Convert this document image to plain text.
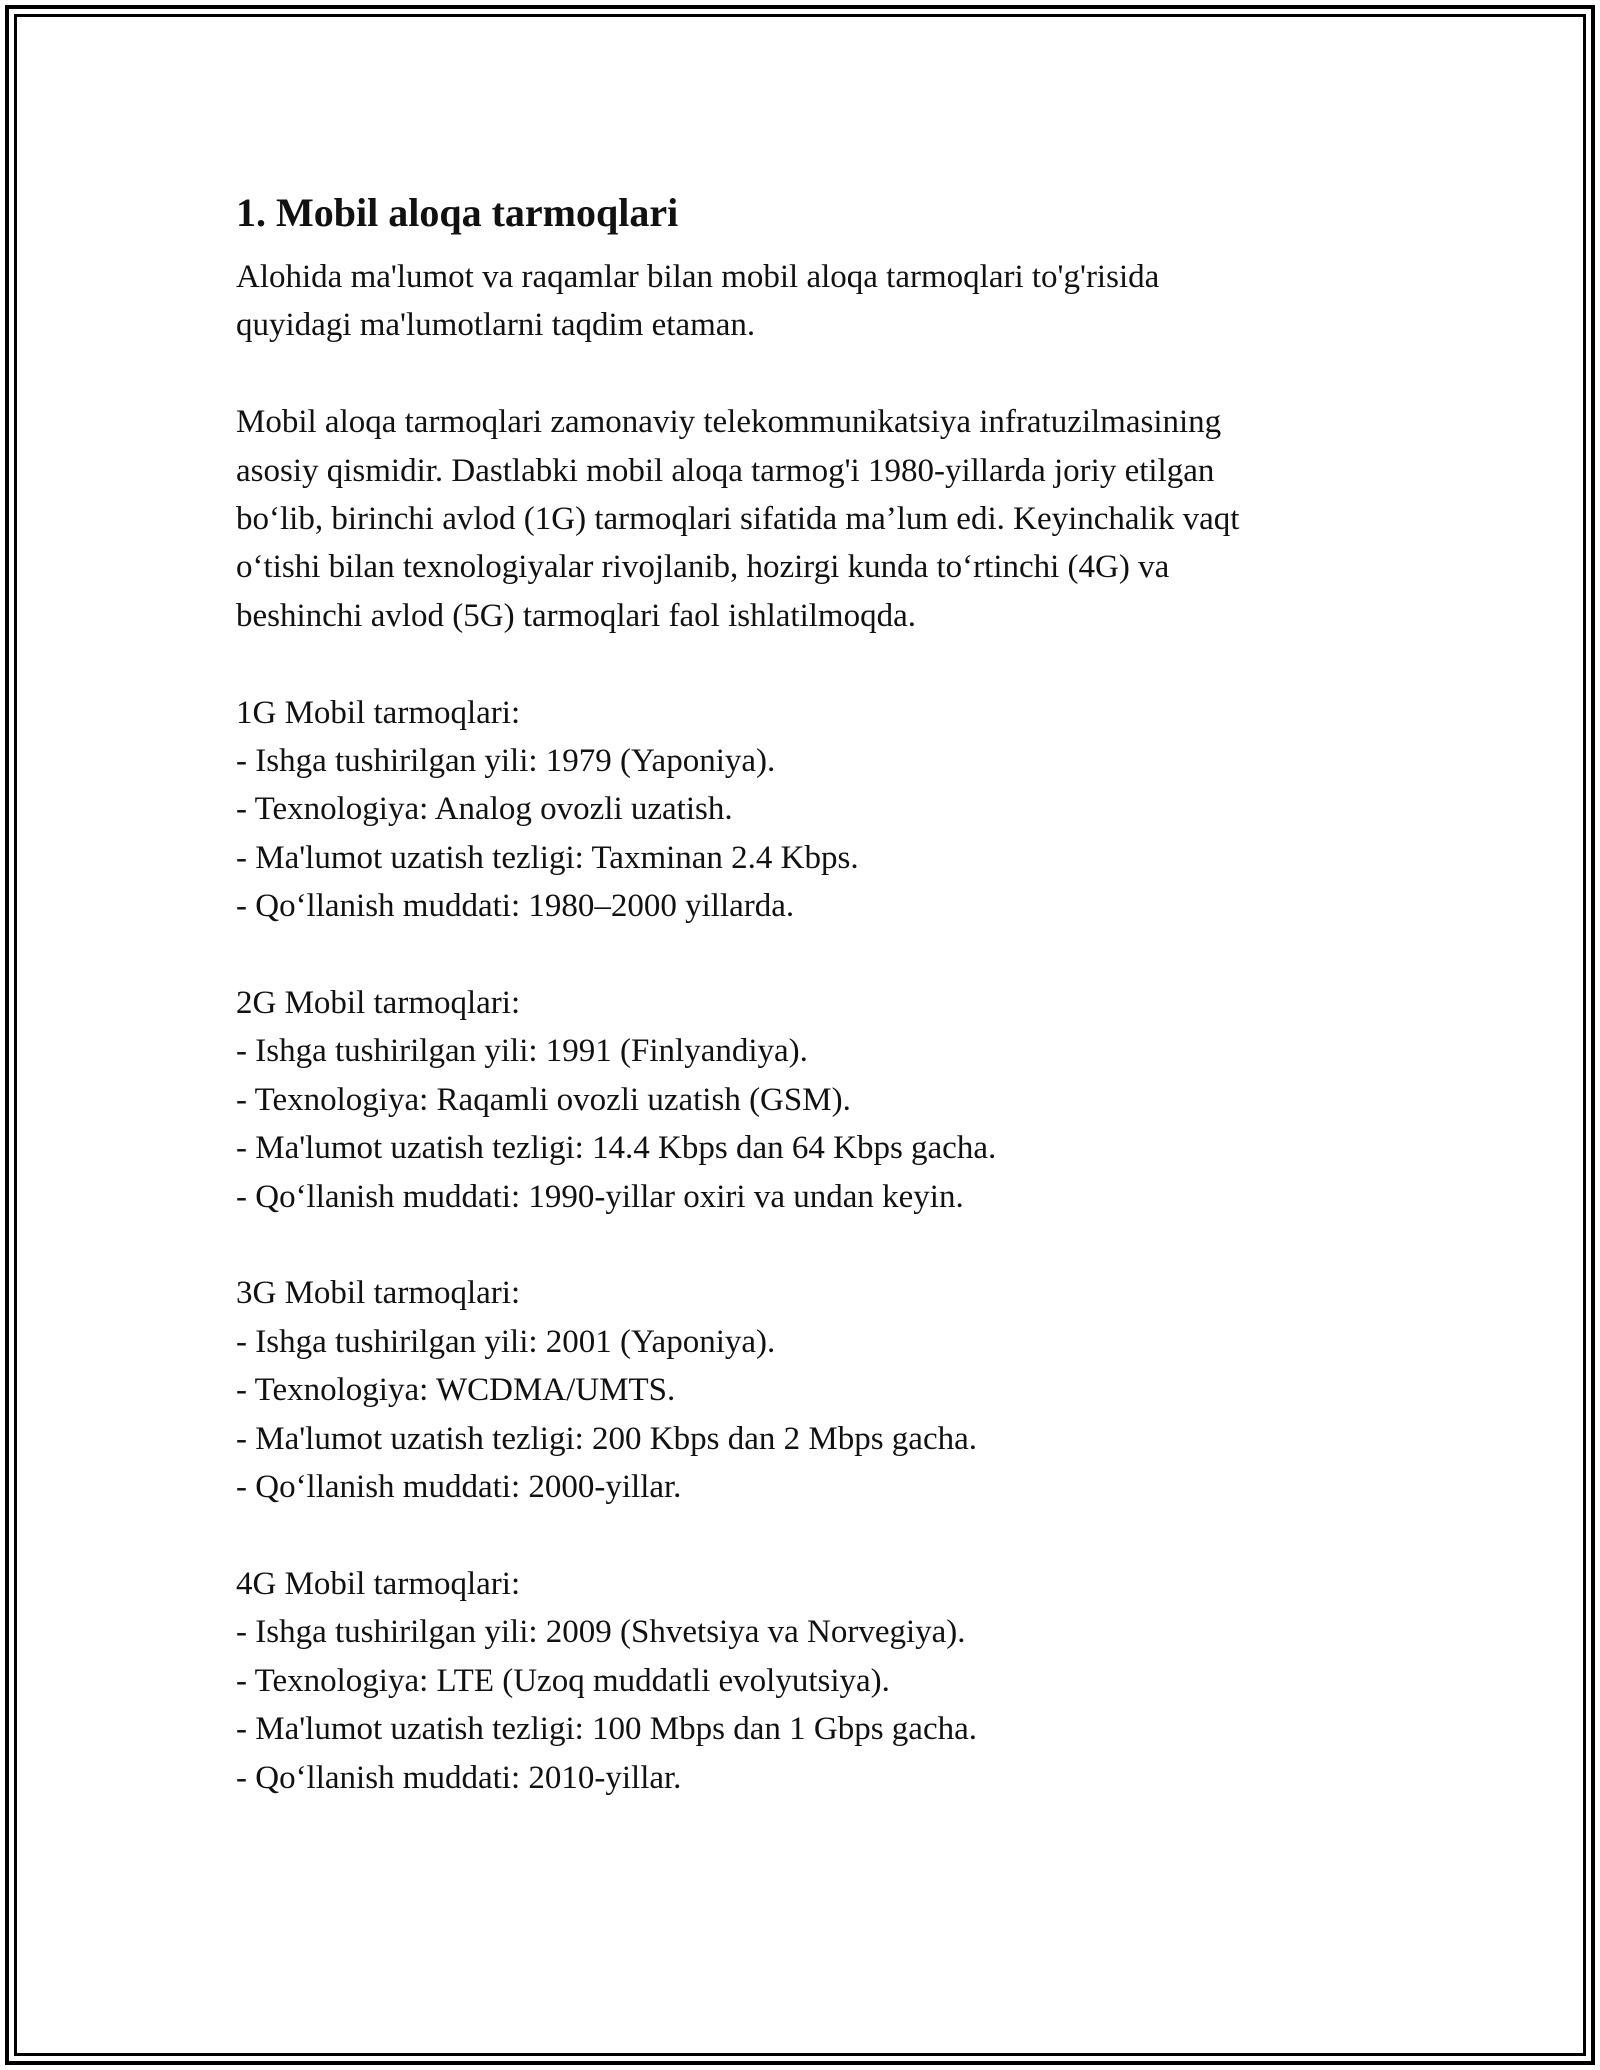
1. Mobil aloqa tarmoqlari
Alohida ma'lumot va raqamlar bilan mobil aloqa tarmoqlari to'g'risida
quyidagi ma'lumotlarni taqdim etaman.
Mobil aloqa tarmoqlari zamonaviy telekommunikatsiya infratuzilmasining
asosiy qismidir. Dastlabki mobil aloqa tarmog'i 1980-yillarda joriy etilgan
bo‘lib, birinchi avlod (1G) tarmoqlari sifatida ma’lum edi. Keyinchalik vaqt
o‘tishi bilan texnologiyalar rivojlanib, hozirgi kunda to‘rtinchi (4G) va
beshinchi avlod (5G) tarmoqlari faol ishlatilmoqda.
1G Mobil tarmoqlari:
- Ishga tushirilgan yili: 1979 (Yaponiya).
- Texnologiya: Analog ovozli uzatish.
- Ma'lumot uzatish tezligi: Taxminan 2.4 Kbps.
- Qo‘llanish muddati: 1980–2000 yillarda.
2G Mobil tarmoqlari:
- Ishga tushirilgan yili: 1991 (Finlyandiya).
- Texnologiya: Raqamli ovozli uzatish (GSM).
- Ma'lumot uzatish tezligi: 14.4 Kbps dan 64 Kbps gacha.
- Qo‘llanish muddati: 1990-yillar oxiri va undan keyin.
3G Mobil tarmoqlari:
- Ishga tushirilgan yili: 2001 (Yaponiya).
- Texnologiya: WCDMA/UMTS.
- Ma'lumot uzatish tezligi: 200 Kbps dan 2 Mbps gacha.
- Qo‘llanish muddati: 2000-yillar.
4G Mobil tarmoqlari:
- Ishga tushirilgan yili: 2009 (Shvetsiya va Norvegiya).
- Texnologiya: LTE (Uzoq muddatli evolyutsiya).
- Ma'lumot uzatish tezligi: 100 Mbps dan 1 Gbps gacha.
- Qo‘llanish muddati: 2010-yillar.
